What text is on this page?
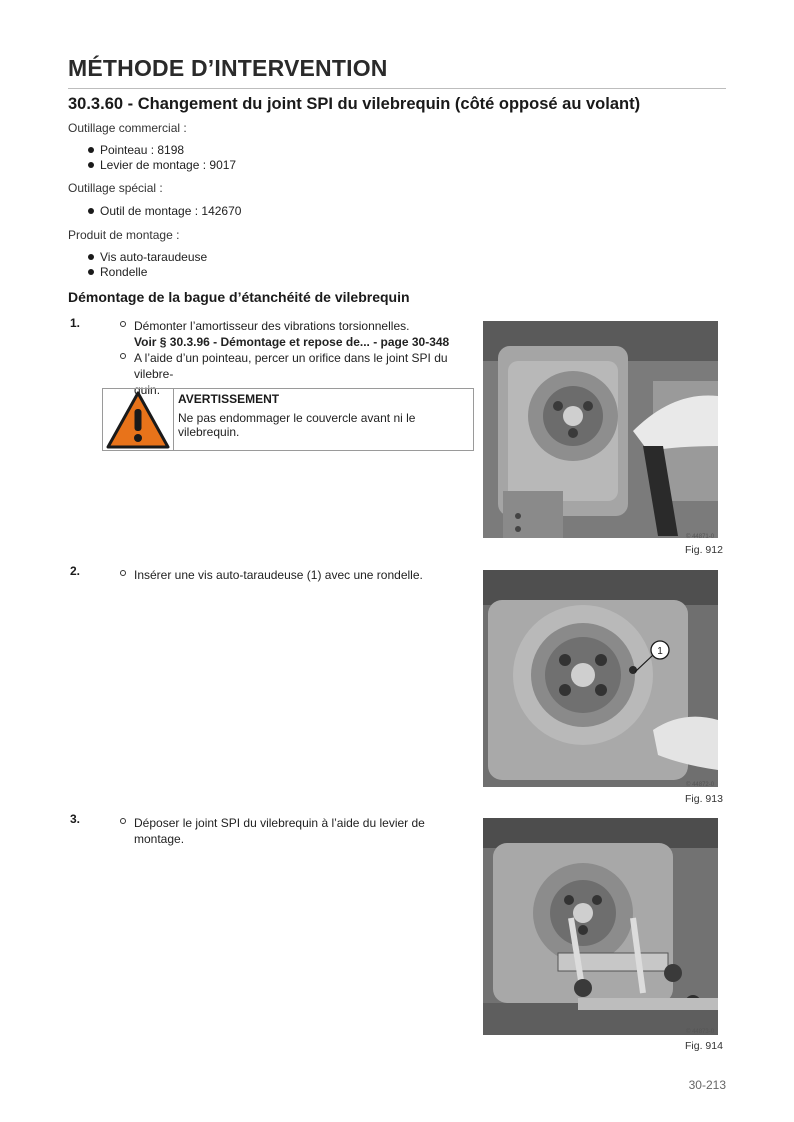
MÉTHODE D’INTERVENTION
30.3.60 - Changement du joint SPI du vilebrequin (côté opposé au volant)
Outillage commercial :
Pointeau : 8198
Levier de montage : 9017
Outillage spécial :
Outil de montage : 142670
Produit de montage :
Vis auto-taraudeuse
Rondelle
Démontage de la bague d’étanchéité de vilebrequin
1.	Démonter l’amortisseur des vibrations torsionnelles.
Voir § 30.3.96 - Démontage et repose de... - page 30-348
A l’aide d’un pointeau, percer un orifice dans le joint SPI du vilebre-
quin.
AVERTISSEMENT
Ne pas endommager le couvercle avant ni le vilebrequin.
© 44871-0
Fig. 912
2.	Insérer une vis auto-taraudeuse (1) avec une rondelle.
1
© 44872-0
Fig. 913
3.	Déposer le joint SPI du vilebrequin à l’aide du levier de montage.
© 44873-0
Fig. 914
30-213
